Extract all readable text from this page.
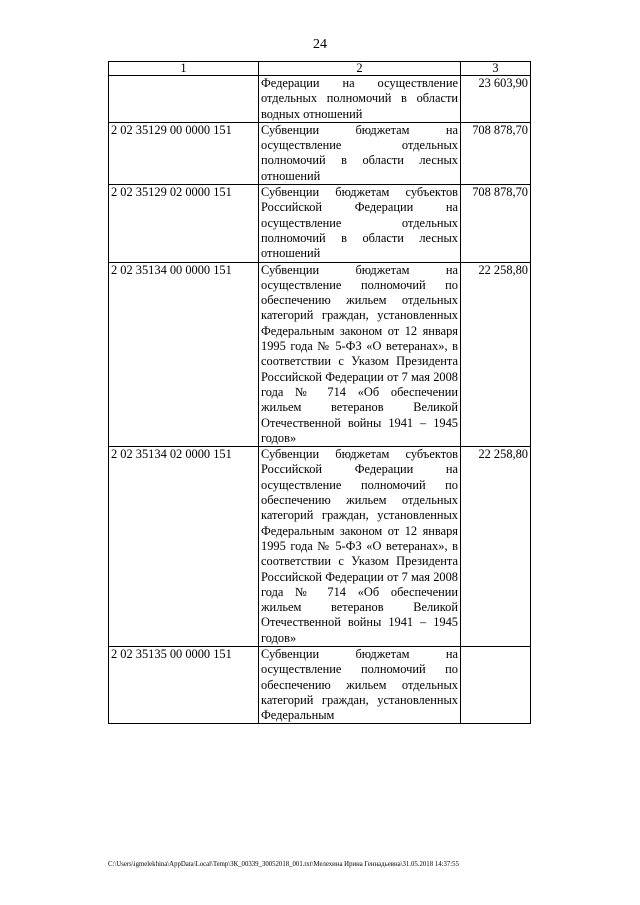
24
1	2	3
	Федерации на осуществление отдельных полномочий в области водных отношений	23 603,90
2 02 35129 00 0000 151	Субвенции бюджетам на осуществление отдельных полномочий в области лесных отношений	708 878,70
2 02 35129 02 0000 151	Субвенции бюджетам субъектов Российской Федерации на осуществление отдельных полномочий в области лесных отношений	708 878,70
2 02 35134 00 0000 151	Субвенции бюджетам на осуществление полномочий по обеспечению жильем отдельных категорий граждан, установленных Федеральным законом от 12 января 1995 года № 5-ФЗ «О ветеранах», в соответствии с Указом Президента Российской Федерации от 7 мая 2008 года № 714 «Об обеспечении жильем ветеранов Великой Отечественной войны 1941 – 1945 годов»	22 258,80
2 02 35134 02 0000 151	Субвенции бюджетам субъектов Российской Федерации на осуществление полномочий по обеспечению жильем отдельных категорий граждан, установленных Федеральным законом от 12 января 1995 года № 5-ФЗ «О ветеранах», в соответствии с Указом Президента Российской Федерации от 7 мая 2008 года № 714 «Об обеспечении жильем ветеранов Великой Отечественной войны 1941 – 1945 годов»	22 258,80
2 02 35135 00 0000 151	Субвенции бюджетам на осуществление полномочий по обеспечению жильем отдельных категорий граждан, установленных Федеральным	
C:\Users\igmelekhina\AppData\Local\Temp\ЗК_00339_30052018_001.txt\Мелехина Ирина Геннадьевна\31.05.2018 14:37:55
